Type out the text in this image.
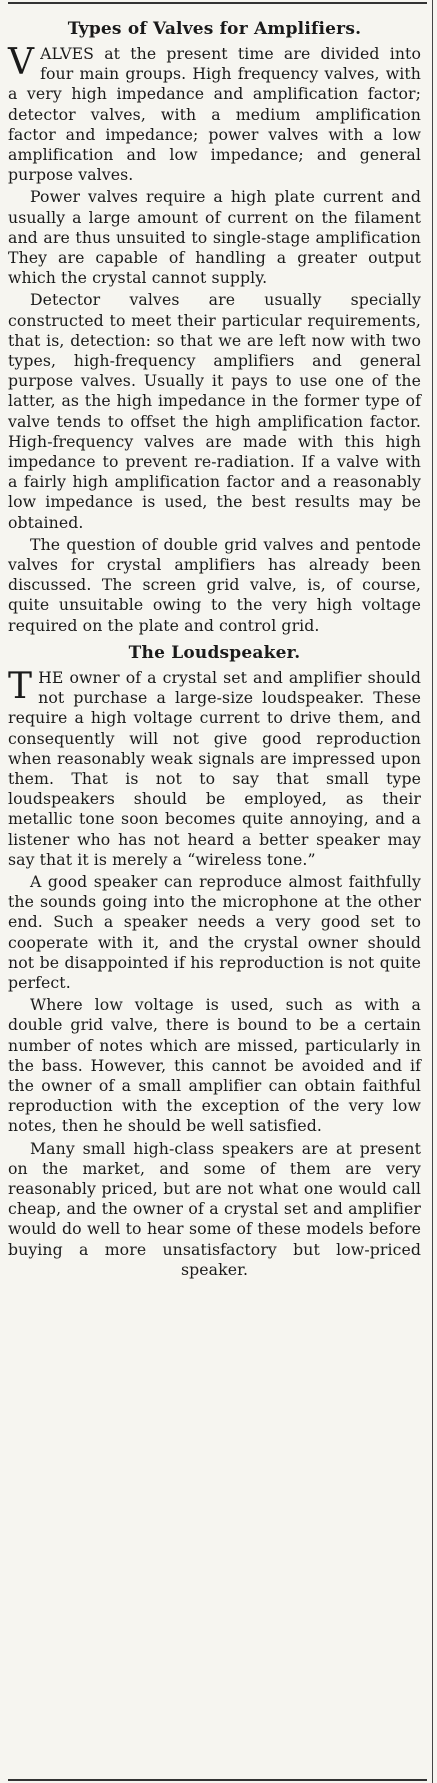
Types of Valves for Amplifiers.

VALVES at the present time are divided into four main groups. High frequency valves, with a very high impedance and amplification factor; detector valves, with a medium amplification factor and impedance; power valves with a low amplification and low impedance; and general purpose valves.

Power valves require a high plate current and usually a large amount of current on the filament and are thus unsuited to single-stage amplification They are capable of handling a greater output which the crystal cannot supply.

Detector valves are usually specially constructed to meet their particular requirements, that is, detection: so that we are left now with two types, high-frequency amplifiers and general purpose valves. Usually it pays to use one of the latter, as the high impedance in the former type of valve tends to offset the high amplification factor. High-frequency valves are made with this high impedance to prevent re-radiation. If a valve with a fairly high amplification factor and a reasonably low impedance is used, the best results may be obtained.

The question of double grid valves and pentode valves for crystal amplifiers has already been discussed. The screen grid valve, is, of course, quite unsuitable owing to the very high voltage required on the plate and control grid.

The Loudspeaker.

THE owner of a crystal set and amplifier should not purchase a large-size loudspeaker. These require a high voltage current to drive them, and consequently will not give good reproduction when reasonably weak signals are impressed upon them. That is not to say that small type loudspeakers should be employed, as their metallic tone soon becomes quite annoying, and a listener who has not heard a better speaker may say that it is merely a “wireless tone.”

A good speaker can reproduce almost faithfully the sounds going into the microphone at the other end. Such a speaker needs a very good set to cooperate with it, and the crystal owner should not be disappointed if his reproduction is not quite perfect.

Where low voltage is used, such as with a double grid valve, there is bound to be a certain number of notes which are missed, particularly in the bass. However, this cannot be avoided and if the owner of a small amplifier can obtain faithful reproduction with the exception of the very low notes, then he should be well satisfied.

Many small high-class speakers are at present on the market, and some of them are very reasonably priced, but are not what one would call cheap, and the owner of a crystal set and amplifier would do well to hear some of these models before buying a more unsatisfactory but low-priced speaker.
